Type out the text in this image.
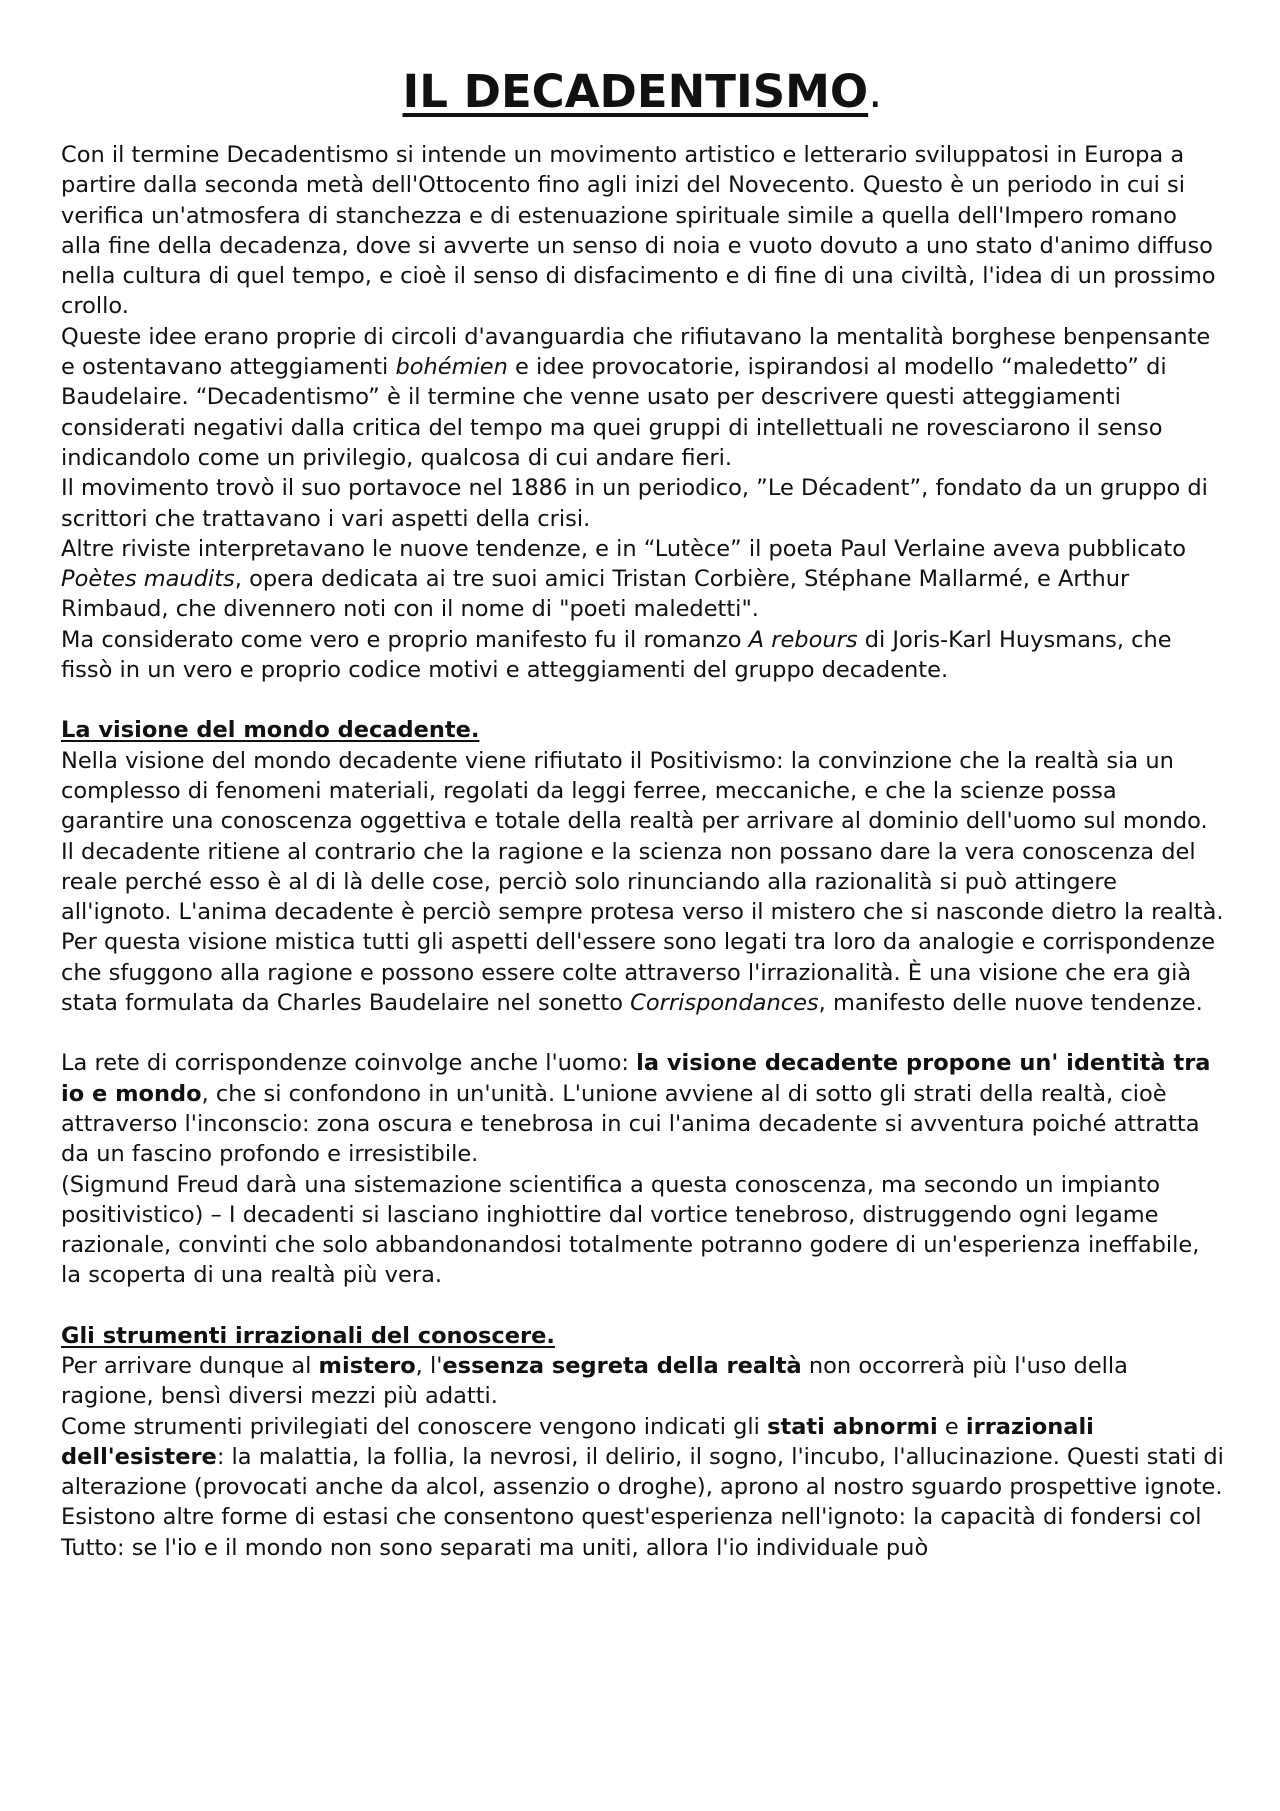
IL DECADENTISMO.

Con il termine Decadentismo si intende un movimento artistico e letterario sviluppatosi in Europa a partire dalla seconda metà dell'Ottocento fino agli inizi del Novecento. Questo è un periodo in cui si verifica un'atmosfera di stanchezza e di estenuazione spirituale simile a quella dell'Impero romano alla fine della decadenza, dove si avverte un senso di noia e vuoto dovuto a uno stato d'animo diffuso nella cultura di quel tempo, e cioè il senso di disfacimento e di fine di una civiltà, l'idea di un prossimo crollo.

Queste idee erano proprie di circoli d'avanguardia che rifiutavano la mentalità borghese benpensante e ostentavano atteggiamenti bohémien e idee provocatorie, ispirandosi al modello “maledetto” di Baudelaire. “Decadentismo” è il termine che venne usato per descrivere questi atteggiamenti considerati negativi dalla critica del tempo ma quei gruppi di intellettuali ne rovesciarono il senso indicandolo come un privilegio, qualcosa di cui andare fieri.

Il movimento trovò il suo portavoce nel 1886 in un periodico, ”Le Décadent”, fondato da un gruppo di scrittori che trattavano i vari aspetti della crisi.

Altre riviste interpretavano le nuove tendenze, e in “Lutèce” il poeta Paul Verlaine aveva pubblicato Poètes maudits, opera dedicata ai tre suoi amici Tristan Corbière, Stéphane Mallarmé, e Arthur Rimbaud, che divennero noti con il nome di "poeti maledetti".

Ma considerato come vero e proprio manifesto fu il romanzo A rebours di Joris-Karl Huysmans, che fissò in un vero e proprio codice motivi e atteggiamenti del gruppo decadente.

La visione del mondo decadente.

Nella visione del mondo decadente viene rifiutato il Positivismo: la convinzione che la realtà sia un complesso di fenomeni materiali, regolati da leggi ferree, meccaniche, e che la scienze possa garantire una conoscenza oggettiva e totale della realtà per arrivare al dominio dell'uomo sul mondo.

Il decadente ritiene al contrario che la ragione e la scienza non possano dare la vera conoscenza del reale perché esso è al di là delle cose, perciò solo rinunciando alla razionalità si può attingere all'ignoto. L'anima decadente è perciò sempre protesa verso il mistero che si nasconde dietro la realtà.

Per questa visione mistica tutti gli aspetti dell'essere sono legati tra loro da analogie e corrispondenze che sfuggono alla ragione e possono essere colte attraverso l'irrazionalità. È una visione che era già stata formulata da Charles Baudelaire nel sonetto Corrispondances, manifesto delle nuove tendenze.

La rete di corrispondenze coinvolge anche l'uomo: la visione decadente propone un' identità tra io e mondo, che si confondono in un'unità. L'unione avviene al di sotto gli strati della realtà, cioè attraverso l'inconscio: zona oscura e tenebrosa in cui l'anima decadente si avventura poiché attratta da un fascino profondo e irresistibile.

(Sigmund Freud darà una sistemazione scientifica a questa conoscenza, ma secondo un impianto positivistico) – I decadenti si lasciano inghiottire dal vortice tenebroso, distruggendo ogni legame razionale, convinti che solo abbandonandosi totalmente potranno godere di un'esperienza ineffabile, la scoperta di una realtà più vera.

Gli strumenti irrazionali del conoscere.

Per arrivare dunque al mistero, l'essenza segreta della realtà non occorrerà più l'uso della ragione, bensì diversi mezzi più adatti.

Come strumenti privilegiati del conoscere vengono indicati gli stati abnormi e irrazionali dell'esistere: la malattia, la follia, la nevrosi, il delirio, il sogno, l'incubo, l'allucinazione. Questi stati di alterazione (provocati anche da alcol, assenzio o droghe), aprono al nostro sguardo prospettive ignote.

Esistono altre forme di estasi che consentono quest'esperienza nell'ignoto: la capacità di fondersi col Tutto: se l'io e il mondo non sono separati ma uniti, allora l'io individuale può
